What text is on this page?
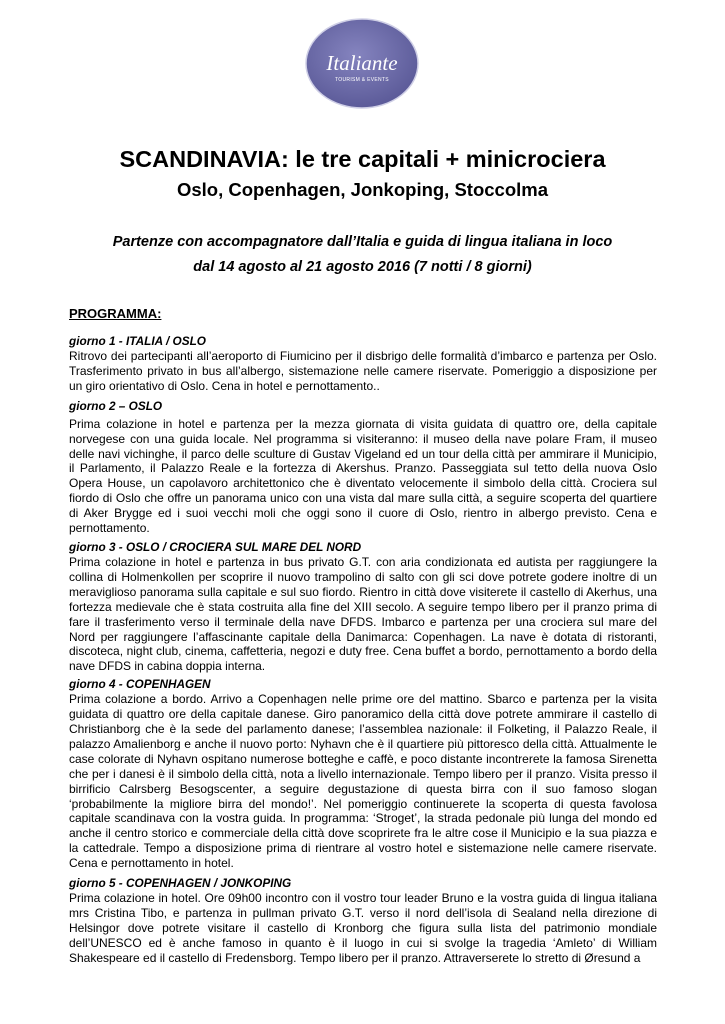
Italiante
TOURISM & EVENTS
SCANDINAVIA: le tre capitali + minicrociera
Oslo, Copenhagen, Jonkoping, Stoccolma
Partenze con accompagnatore dall’Italia e guida di lingua italiana in loco
dal 14 agosto al 21 agosto 2016 (7 notti / 8 giorni)
PROGRAMMA:
giorno 1 - ITALIA / OSLO

Ritrovo dei partecipanti all’aeroporto di Fiumicino per il disbrigo delle formalità d’imbarco e partenza per Oslo. Trasferimento privato in bus all’albergo, sistemazione nelle camere riservate. Pomeriggio a disposizione per un giro orientativo di Oslo. Cena in hotel e pernottamento..

giorno 2 – OSLO

Prima colazione in hotel e partenza per la mezza giornata di visita guidata di quattro ore, della capitale norvegese con una guida locale. Nel programma si visiteranno: il museo della nave polare Fram, il museo delle navi vichinghe, il parco delle sculture di Gustav Vigeland ed un tour della città per ammirare il Municipio, il Parlamento, il Palazzo Reale e la fortezza di Akershus. Pranzo. Passeggiata sul tetto della nuova Oslo Opera House, un capolavoro architettonico che è diventato velocemente il simbolo della città. Crociera sul fiordo di Oslo che offre un panorama unico con una vista dal mare sulla città, a seguire scoperta del quartiere di Aker Brygge ed i suoi vecchi moli che oggi sono il cuore di Oslo, rientro in albergo previsto. Cena e pernottamento.

giorno 3 - OSLO / CROCIERA SUL MARE DEL NORD

Prima colazione in hotel e partenza in bus privato G.T. con aria condizionata ed autista per raggiungere la collina di Holmenkollen per scoprire il nuovo trampolino di salto con gli sci dove potrete godere inoltre di un meraviglioso panorama sulla capitale e sul suo fiordo. Rientro in città dove visiterete il castello di Akerhus, una fortezza medievale che è stata costruita alla fine del XIII secolo. A seguire tempo libero per il pranzo prima di fare il trasferimento verso il terminale della nave DFDS. Imbarco e partenza per una crociera sul mare del Nord per raggiungere l’affascinante capitale della Danimarca: Copenhagen. La nave è dotata di ristoranti, discoteca, night club, cinema, caffetteria, negozi e duty free. Cena buffet a bordo, pernottamento a bordo della nave DFDS in cabina doppia interna.

giorno 4 - COPENHAGEN

Prima colazione a bordo. Arrivo a Copenhagen nelle prime ore del mattino. Sbarco e partenza per la visita guidata di quattro ore della capitale danese. Giro panoramico della città dove potrete ammirare il castello di Christianborg che è la sede del parlamento danese; l’assemblea nazionale: il Folketing, il Palazzo Reale, il palazzo Amalienborg e anche il nuovo porto: Nyhavn che è il quartiere più pittoresco della città. Attualmente le case colorate di Nyhavn ospitano numerose botteghe e caffè, e poco distante incontrerete la famosa Sirenetta che per i danesi è il simbolo della città, nota a livello internazionale. Tempo libero per il pranzo. Visita presso il birrificio Calrsberg Besogscenter, a seguire degustazione di questa birra con il suo famoso slogan ‘probabilmente la migliore birra del mondo!’. Nel pomeriggio continuerete la scoperta di questa favolosa capitale scandinava con la vostra guida. In programma: ‘Stroget’, la strada pedonale più lunga del mondo ed anche il centro storico e commerciale della città dove scoprirete fra le altre cose il Municipio e la sua piazza e la cattedrale. Tempo a disposizione prima di rientrare al vostro hotel e sistemazione nelle camere riservate. Cena e pernottamento in hotel.

giorno 5 - COPENHAGEN / JONKOPING

Prima colazione in hotel. Ore 09h00 incontro con il vostro tour leader Bruno e la vostra guida di lingua italiana mrs Cristina Tibo, e partenza in pullman privato G.T. verso il nord dell’isola di Sealand nella direzione di Helsingor dove potrete visitare il castello di Kronborg che figura sulla lista del patrimonio mondiale dell’UNESCO ed è anche famoso in quanto è il luogo in cui si svolge la tragedia ‘Amleto’ di William Shakespeare ed il castello di Fredensborg. Tempo libero per il pranzo. Attraverserete lo stretto di Øresund a
